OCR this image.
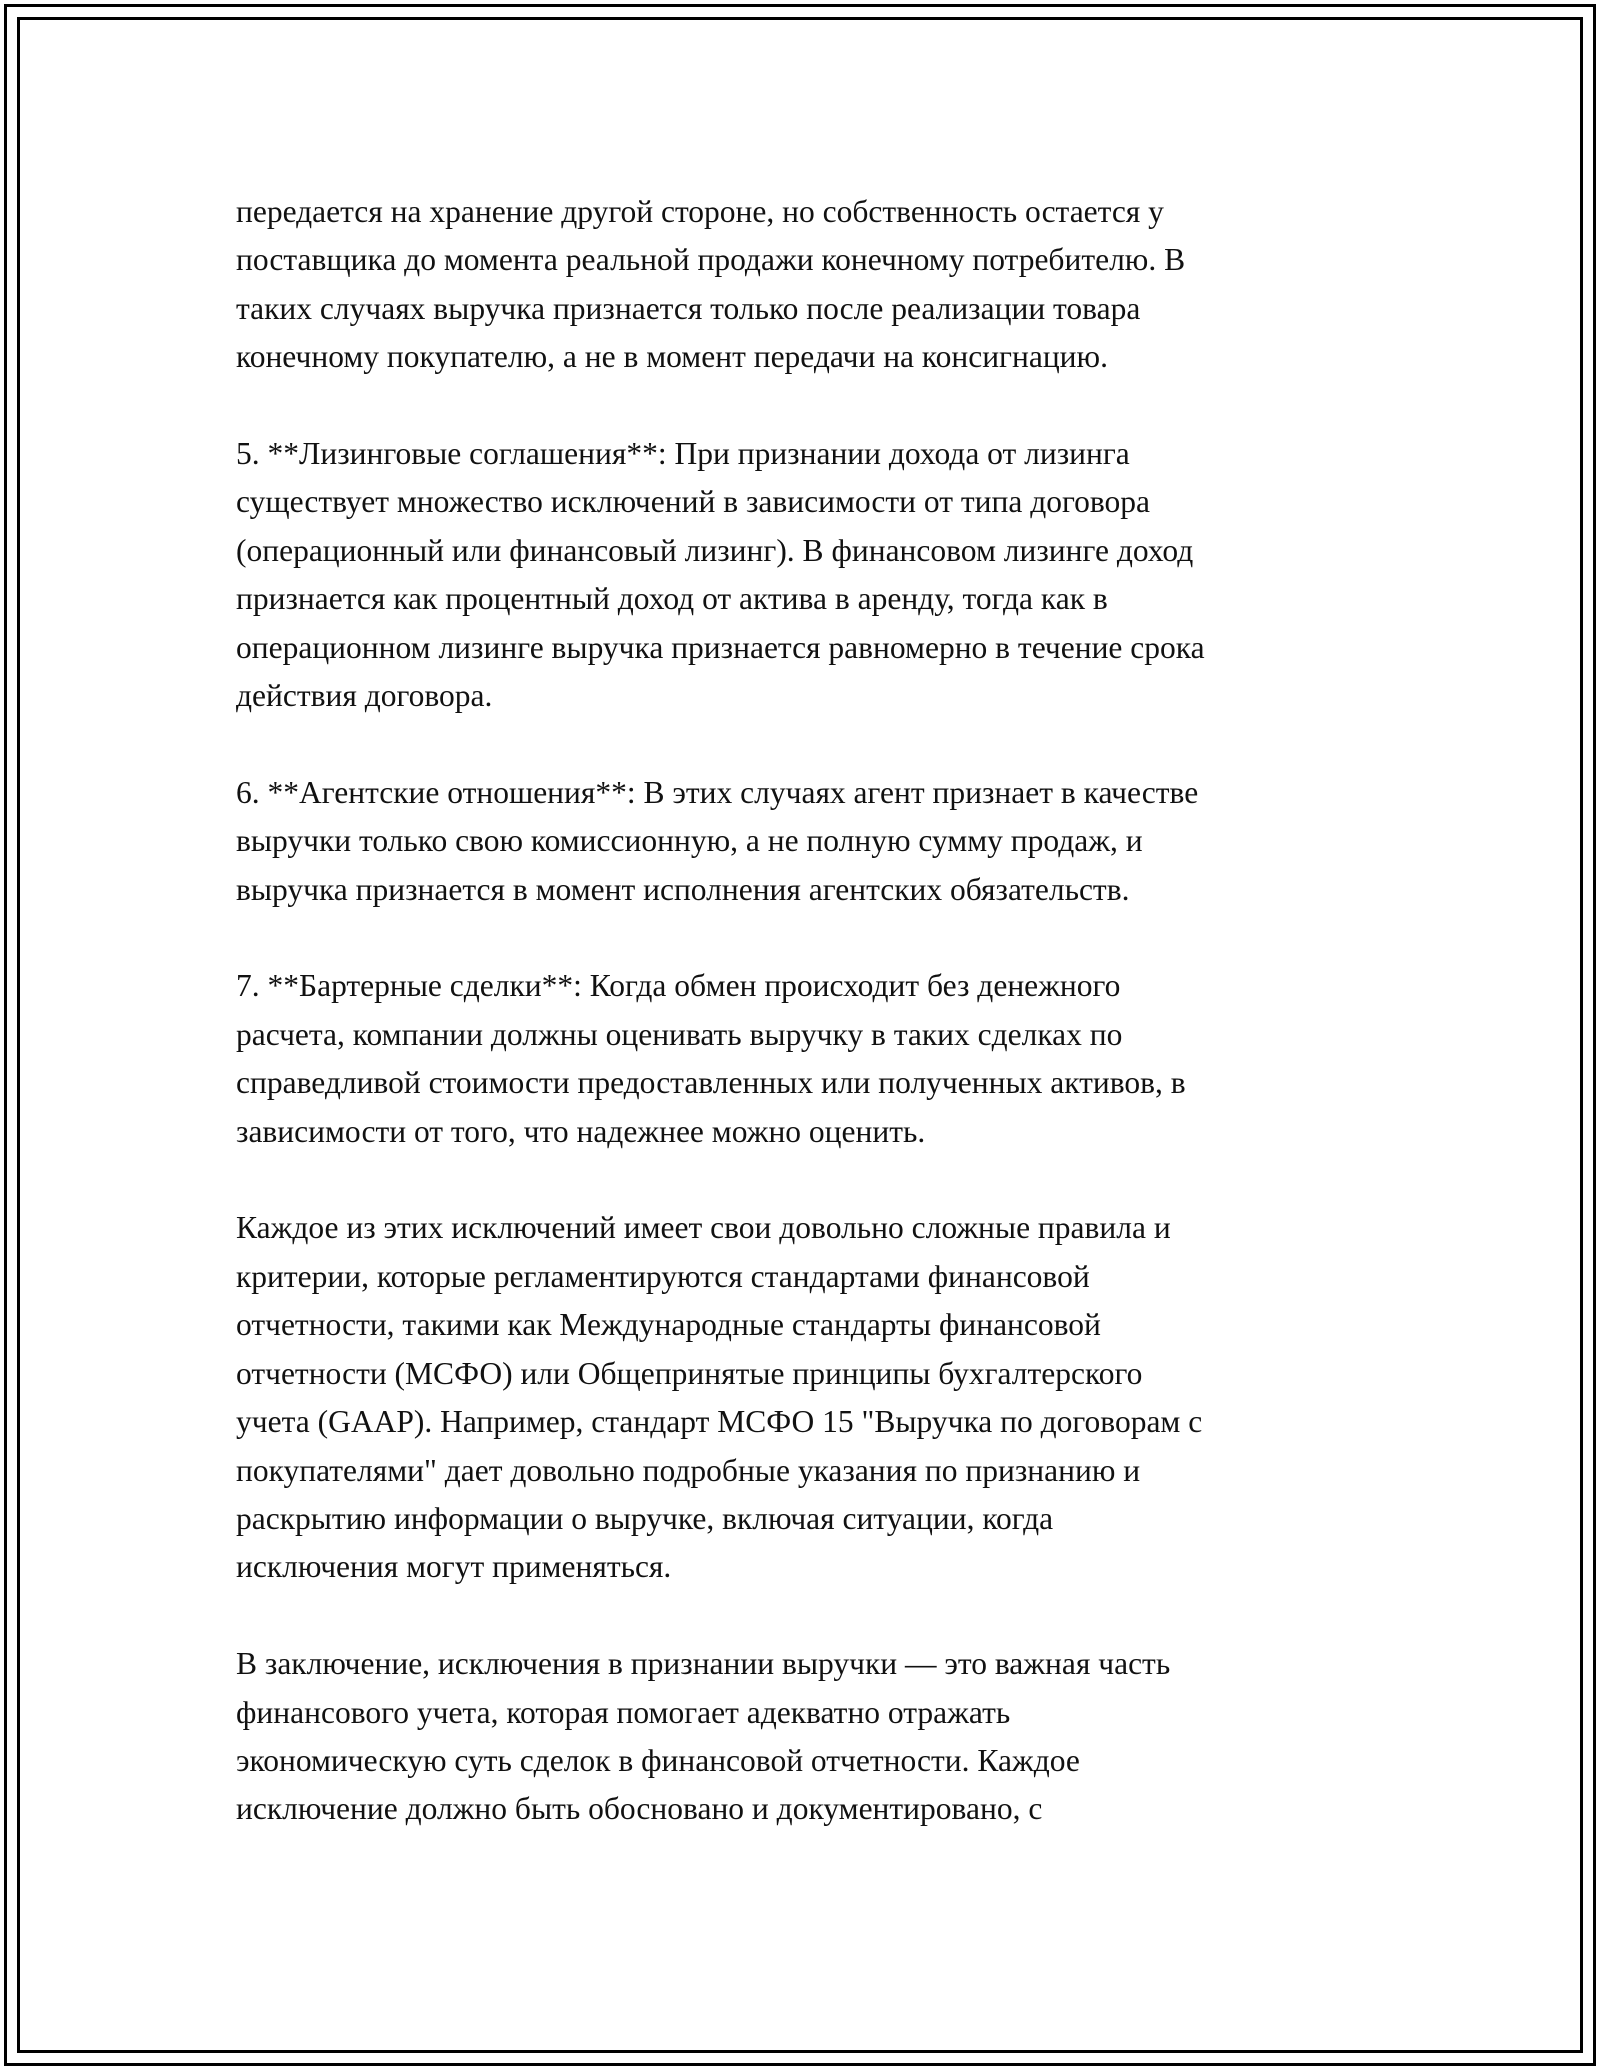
передается на хранение другой стороне, но собственность остается у
поставщика до момента реальной продажи конечному потребителю. В
таких случаях выручка признается только после реализации товара
конечному покупателю, а не в момент передачи на консигнацию.

5. **Лизинговые соглашения**: При признании дохода от лизинга
существует множество исключений в зависимости от типа договора
(операционный или финансовый лизинг). В финансовом лизинге доход
признается как процентный доход от актива в аренду, тогда как в
операционном лизинге выручка признается равномерно в течение срока
действия договора.

6. **Агентские отношения**: В этих случаях агент признает в качестве
выручки только свою комиссионную, а не полную сумму продаж, и
выручка признается в момент исполнения агентских обязательств.

7. **Бартерные сделки**: Когда обмен происходит без денежного
расчета, компании должны оценивать выручку в таких сделках по
справедливой стоимости предоставленных или полученных активов, в
зависимости от того, что надежнее можно оценить.

Каждое из этих исключений имеет свои довольно сложные правила и
критерии, которые регламентируются стандартами финансовой
отчетности, такими как Международные стандарты финансовой
отчетности (МСФО) или Общепринятые принципы бухгалтерского
учета (GAAP). Например, стандарт МСФО 15 "Выручка по договорам с
покупателями" дает довольно подробные указания по признанию и
раскрытию информации о выручке, включая ситуации, когда
исключения могут применяться.

В заключение, исключения в признании выручки — это важная часть
финансового учета, которая помогает адекватно отражать
экономическую суть сделок в финансовой отчетности. Каждое
исключение должно быть обосновано и документировано, с
